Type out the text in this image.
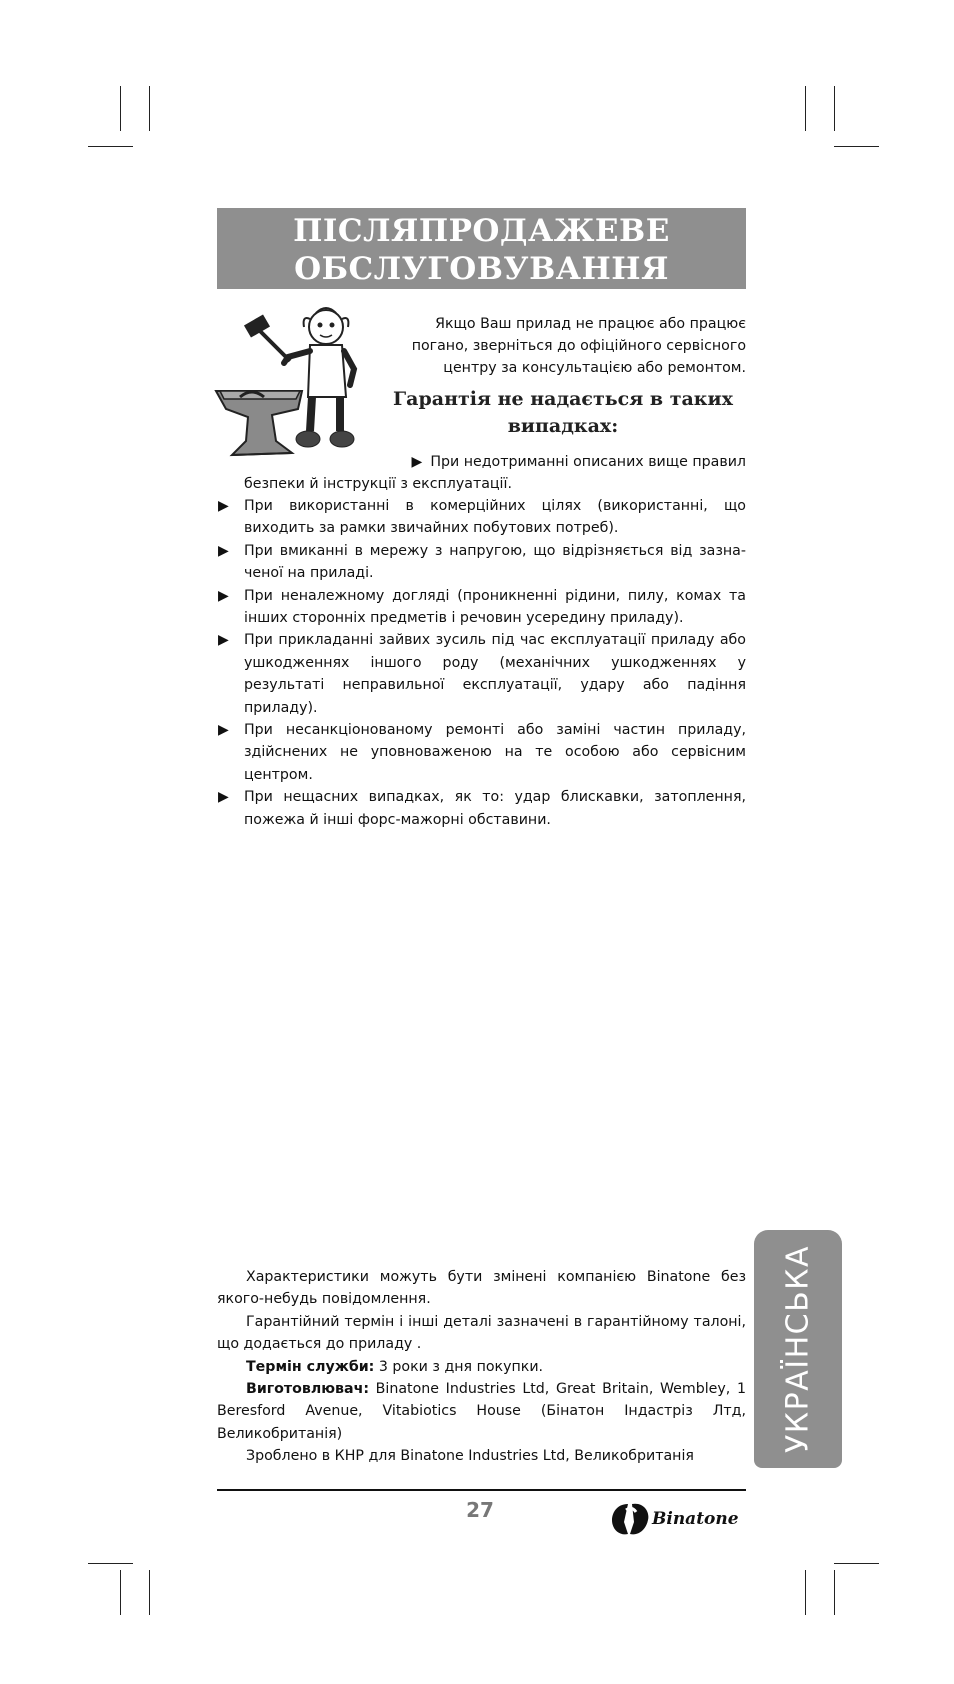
ПІСЛЯПРОДАЖЕВЕ
ОБСЛУГОВУВАННЯ
Якщо Ваш прилад не працює або працює погано, зверніться до офіційного сервісного центру за консультацією або ремонтом.
Гарантія не надається в таких випадках:
▶ При недотриманні описаних вище правил
безпеки й інструкції з експлуатації.
▶ При використанні в комерційних цілях (використанні, що виходить за рамки звичайних побутових потреб).
▶ При вмиканні в мережу з напругою, що відрізняється від зазна-ченої на приладі.
▶ При неналежному догляді (проникненні рідини, пилу, комах та інших сторонніх предметів і речовин усередину приладу).
▶ При прикладанні зайвих зусиль під час експлуатації приладу або ушкодженнях іншого роду (механічних ушкодженнях у результаті неправильної експлуатації, удару або падіння приладу).
▶ При несанкціонованому ремонті або заміні частин приладу, здійснених не уповноваженою на те особою або сервісним центром.
▶ При нещасних випадках, як то: удар блискавки, затоплення, пожежа й інші форс-мажорні обставини.

Характеристики можуть бути змінені компанією Binatone без якого-небудь повідомлення.

Гарантійний термін і інші деталі зазначені в гарантійному талоні, що додається до приладу .

Термін служби: 3 роки з дня покупки.

Виготовлювач: Binatone Industries Ltd, Great Britain, Wembley, 1 Beresford Avenue, Vitabiotics House (Бінатон Індастріз Лтд, Великобританія)

Зроблено в КНР для Binatone Industries Ltd, Великобританія

УКРАЇНСЬКА
27	Binatone
